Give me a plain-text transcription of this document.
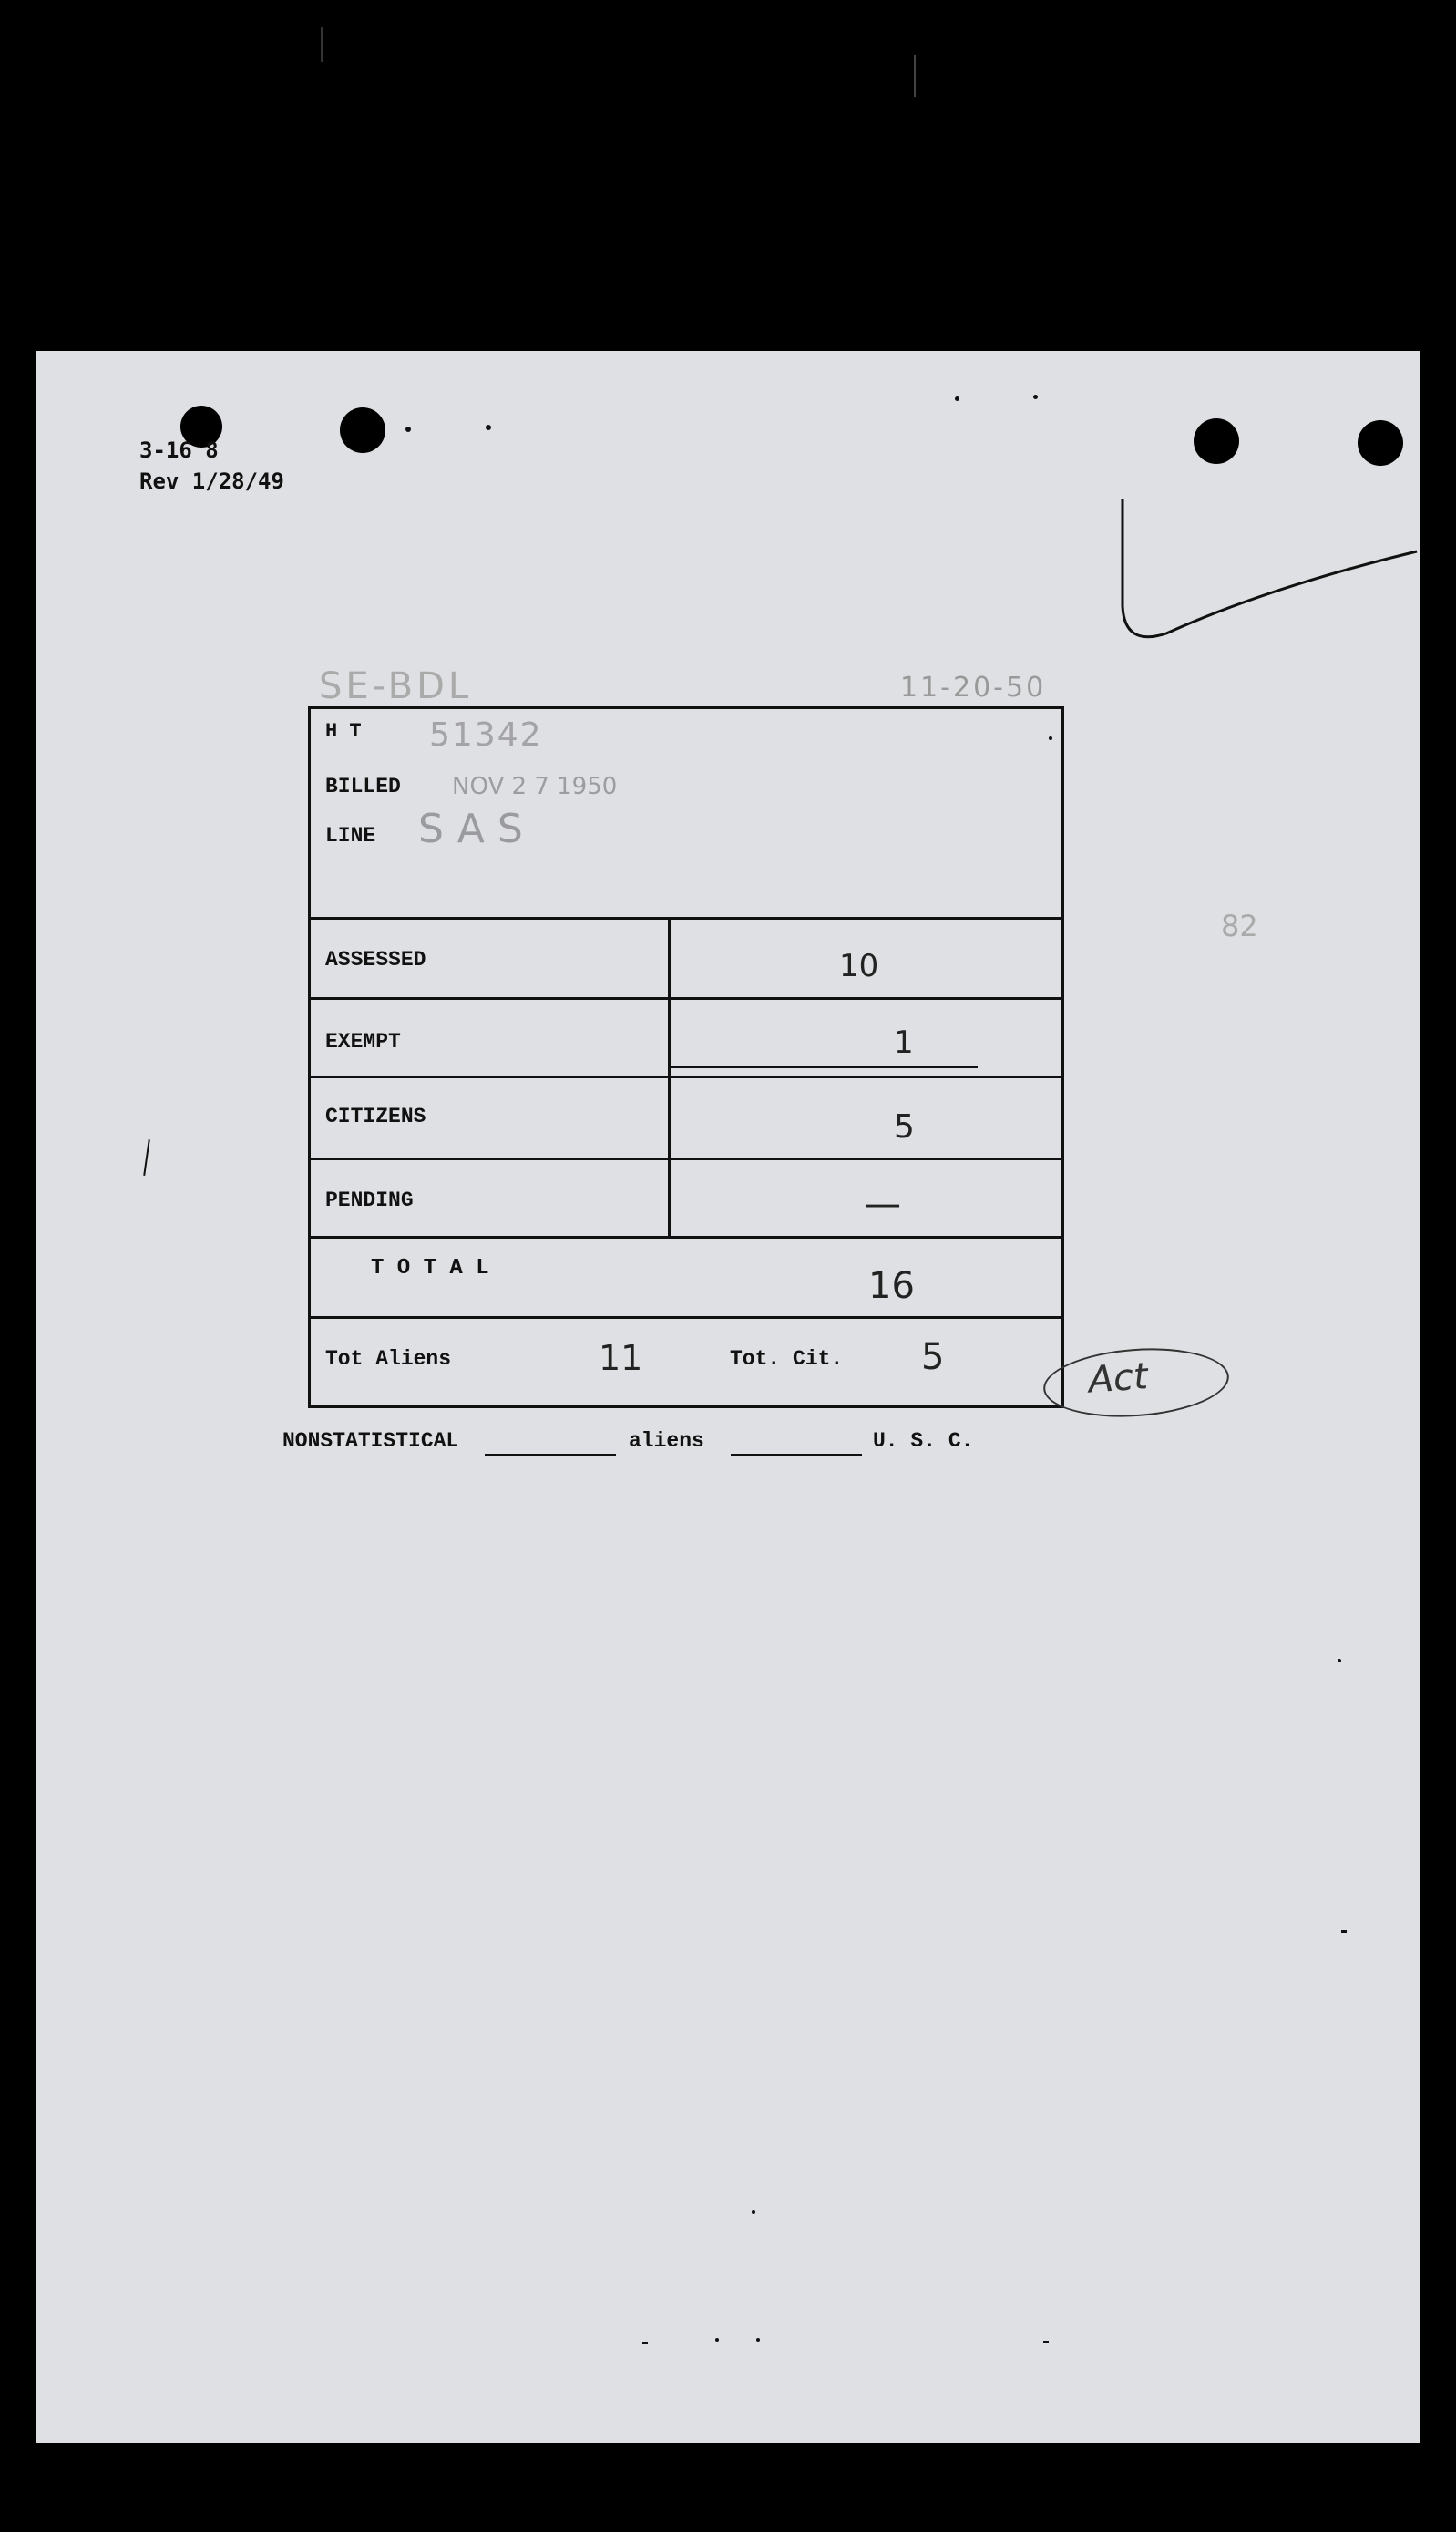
3-16 8
Rev 1/28/49
SE-BDL	11-20-50
82
H T 51342
BILLED NOV 2 7 1950
LINE SAS
ASSESSED	10
EXEMPT	1
CITIZENS	5
PENDING	—
T O T A L	16
Tot Aliens	11	Tot. Cit. 5	Act
NONSTATISTICAL	aliens	U. S. C.
